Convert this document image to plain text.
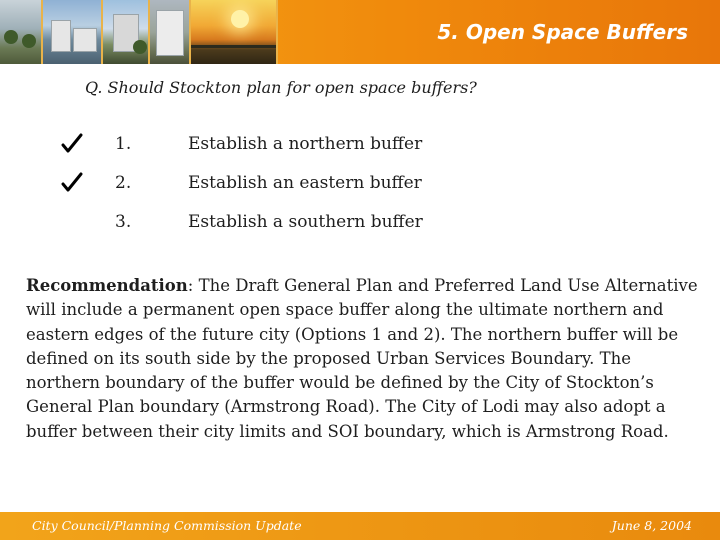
5. Open Space Buffers
Q. Should Stockton plan for open space buffers?
1.	Establish a northern buffer
2.	Establish an eastern buffer
3.	Establish a southern buffer
Recommendation: The Draft General Plan and Preferred Land Use Alternative will include a permanent open space buffer along the ultimate northern and eastern edges of the future city (Options 1 and 2). The northern buffer will be defined on its south side by the proposed Urban Services Boundary. The northern boundary of the buffer would be defined by the City of Stockton’s General Plan boundary (Armstrong Road). The City of Lodi may also adopt a buffer between their city limits and SOI boundary, which is Armstrong Road.
City Council/Planning Commission Update	June 8, 2004
